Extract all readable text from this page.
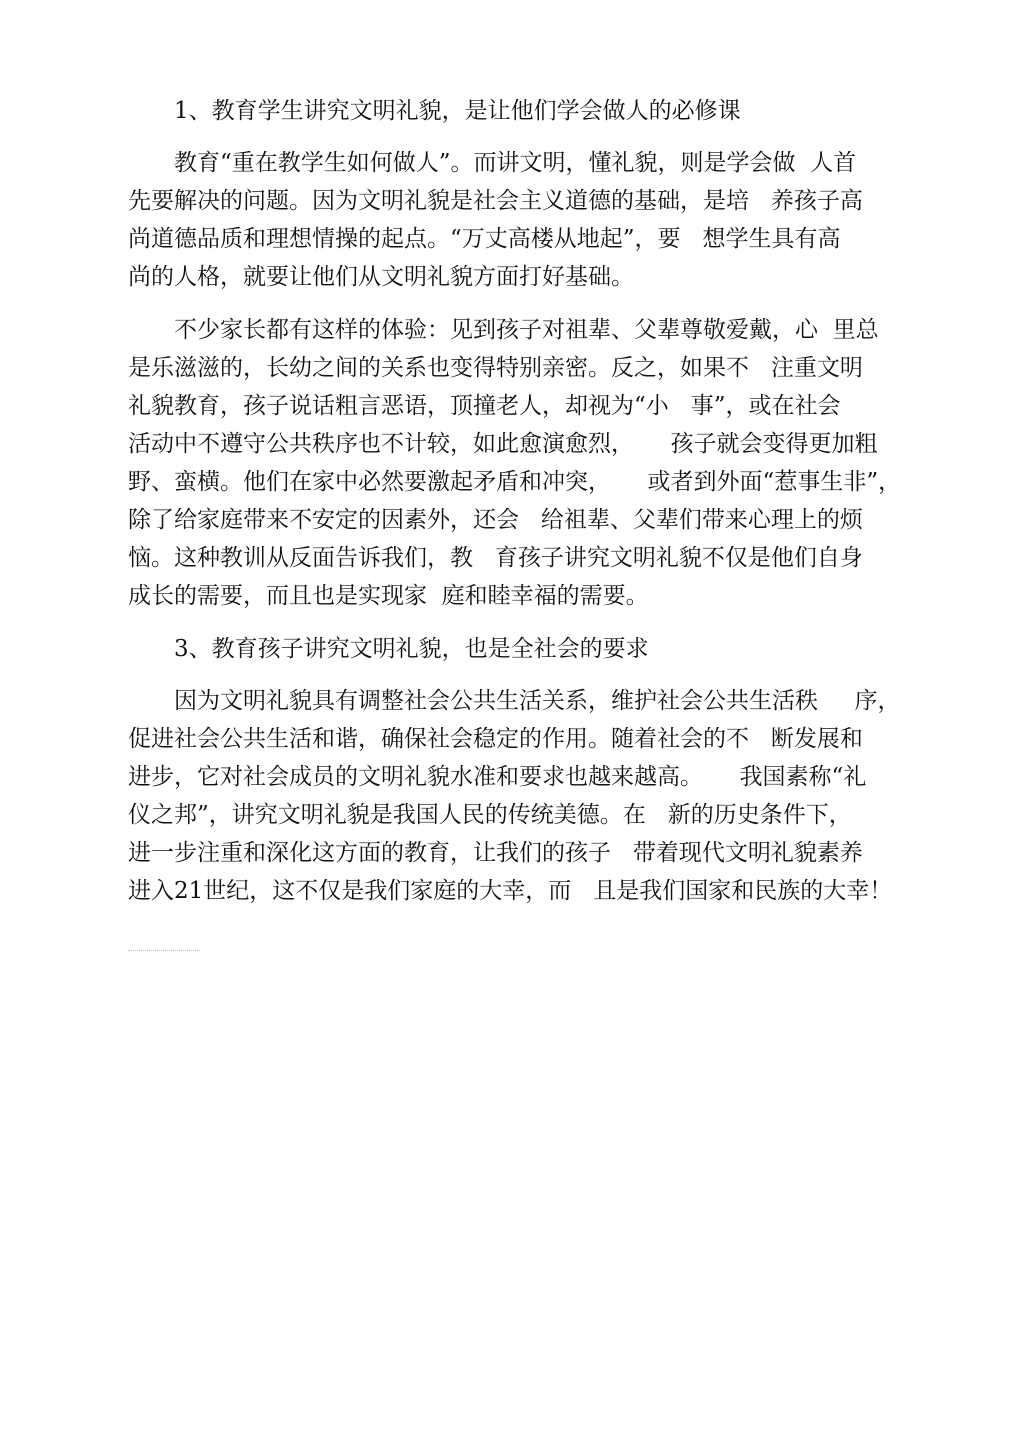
1、教育学生讲究文明礼貌，是让他们学会做人的必修课
教育“重在教学生如何做人”。而讲文明，懂礼貌，则是学会做  人首
先要解决的问题。因为文明礼貌是社会主义道德的基础，是培   养孩子高
尚道德品质和理想情操的起点。“万丈高楼从地起”，要   想学生具有高
尚的人格，就要让他们从文明礼貌方面打好基础。
不少家长都有这样的体验：见到孩子对祖辈、父辈尊敬爱戴，心  里总
是乐滋滋的，长幼之间的关系也变得特别亲密。反之，如果不   注重文明
礼貌教育，孩子说话粗言恶语，顶撞老人，却视为“小   事”，或在社会
活动中不遵守公共秩序也不计较，如此愈演愈烈，     孩子就会变得更加粗
野、蛮横。他们在家中必然要激起矛盾和冲突，     或者到外面“惹事生非”，
除了给家庭带来不安定的因素外，还会   给祖辈、父辈们带来心理上的烦
恼。这种教训从反面告诉我们，教   育孩子讲究文明礼貌不仅是他们自身
成长的需要，而且也是实现家  庭和睦幸福的需要。
3、教育孩子讲究文明礼貌，也是全社会的要求
因为文明礼貌具有调整社会公共生活关系，维护社会公共生活秩     序，
促进社会公共生活和谐，确保社会稳定的作用。随着社会的不   断发展和
进步，它对社会成员的文明礼貌水准和要求也越来越高。     我国素称“礼
仪之邦”，讲究文明礼貌是我国人民的传统美德。在   新的历史条件下，
进一步注重和深化这方面的教育，让我们的孩子   带着现代文明礼貌素养
进入21世纪，这不仅是我们家庭的大幸，而   且是我们国家和民族的大幸！
